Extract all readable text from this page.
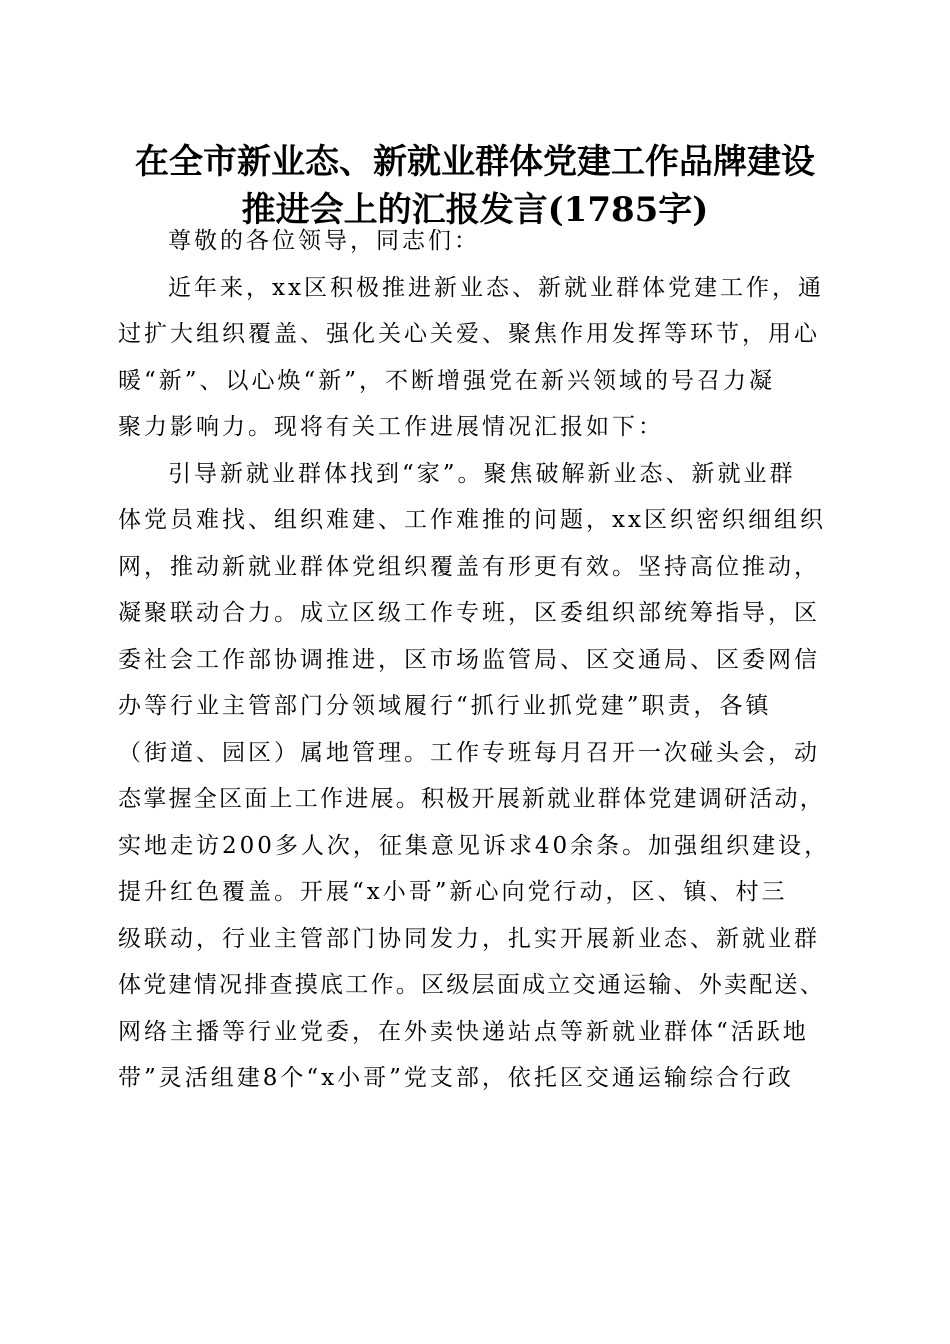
在全市新业态、新就业群体党建工作品牌建设
推进会上的汇报发言(1785字)
尊敬的各位领导，同志们：
近年来，xx区积极推进新业态、新就业群体党建工作，通
过扩大组织覆盖、强化关心关爱、聚焦作用发挥等环节，用心
暖“新”、以心焕“新”，不断增强党在新兴领域的号召力凝
聚力影响力。现将有关工作进展情况汇报如下：
引导新就业群体找到“家”。聚焦破解新业态、新就业群
体党员难找、组织难建、工作难推的问题，xx区织密织细组织
网，推动新就业群体党组织覆盖有形更有效。坚持高位推动，
凝聚联动合力。成立区级工作专班，区委组织部统筹指导，区
委社会工作部协调推进，区市场监管局、区交通局、区委网信
办等行业主管部门分领域履行“抓行业抓党建”职责，各镇
（街道、园区）属地管理。工作专班每月召开一次碰头会，动
态掌握全区面上工作进展。积极开展新就业群体党建调研活动，
实地走访200多人次，征集意见诉求40余条。加强组织建设，
提升红色覆盖。开展“x小哥”新心向党行动，区、镇、村三
级联动，行业主管部门协同发力，扎实开展新业态、新就业群
体党建情况排查摸底工作。区级层面成立交通运输、外卖配送、
网络主播等行业党委，在外卖快递站点等新就业群体“活跃地
带”灵活组建8个“x小哥”党支部，依托区交通运输综合行政
